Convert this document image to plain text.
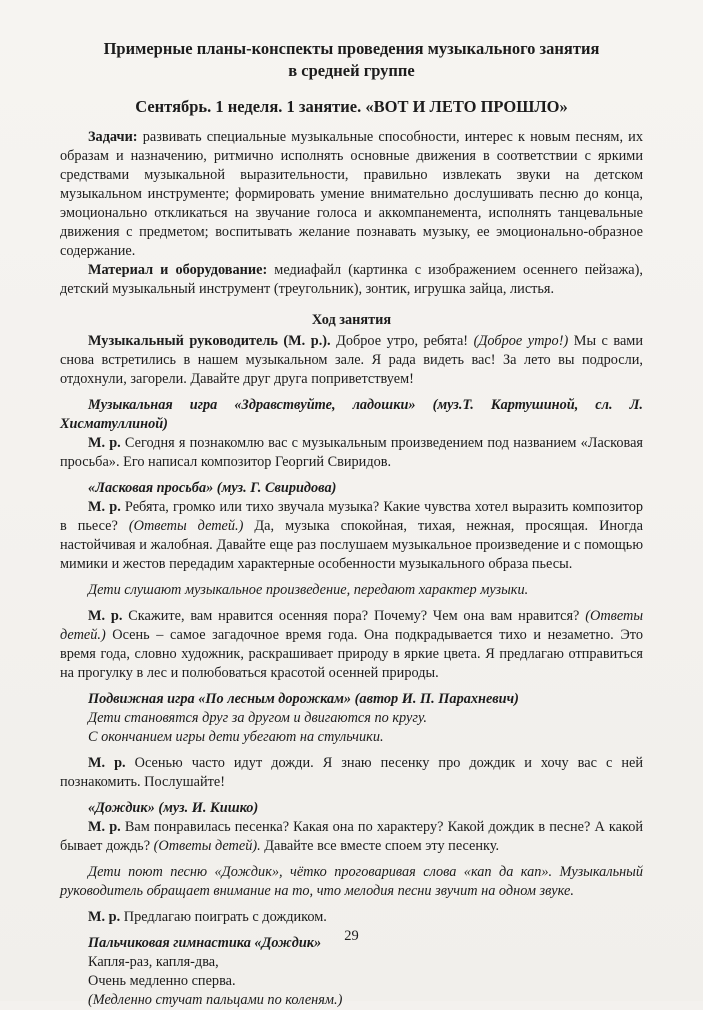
Примерные планы-конспекты проведения музыкального занятия
в средней группе
Сентябрь. 1 неделя. 1 занятие. «ВОТ И ЛЕТО ПРОШЛО»

Задачи: развивать специальные музыкальные способности, интерес к новым песням, их образам и назначению, ритмично исполнять основные движения в соответствии с яркими средствами музыкальной выразительности, правильно извлекать звуки на детском музыкальном инструменте; формировать умение внимательно дослушивать песню до конца, эмоционально откликаться на звучание голоса и аккомпанемента, исполнять танцевальные движения с предметом; воспитывать желание познавать музыку, ее эмоционально-образное содержание.

Материал и оборудование: медиафайл (картинка с изображением осеннего пейзажа), детский музыкальный инструмент (треугольник), зонтик, игрушка зайца, листья.

Ход занятия

Музыкальный руководитель (М. р.). Доброе утро, ребята! (Доброе утро!) Мы с вами снова встретились в нашем музыкальном зале. Я рада видеть вас! За лето вы подросли, отдохнули, загорели. Давайте друг друга поприветствуем!

Музыкальная игра «Здравствуйте, ладошки» (муз.Т. Картушиной, сл. Л. Хисматуллиной)

М. р. Сегодня я познакомлю вас с музыкальным произведением под названием «Ласковая просьба». Его написал композитор Георгий Свиридов.

«Ласковая просьба» (муз. Г. Свиридова)

М. р. Ребята, громко или тихо звучала музыка? Какие чувства хотел выразить композитор в пьесе? (Ответы детей.) Да, музыка спокойная, тихая, нежная, просящая. Иногда настойчивая и жалобная. Давайте еще раз послушаем музыкальное произведение и с помощью мимики и жестов передадим характерные особенности музыкального образа пьесы.

Дети слушают музыкальное произведение, передают характер музыки.

М. р. Скажите, вам нравится осенняя пора? Почему? Чем она вам нравится? (Ответы детей.) Осень – самое загадочное время года. Она подкрадывается тихо и незаметно. Это время года, словно художник, раскрашивает природу в яркие цвета. Я предлагаю отправиться на прогулку в лес и полюбоваться красотой осенней природы.

Подвижная игра «По лесным дорожкам» (автор И. П. Парахневич)

Дети становятся друг за другом и двигаются по кругу.

С окончанием игры дети убегают на стульчики.

М. р. Осенью часто идут дожди. Я знаю песенку про дождик и хочу вас с ней познакомить. Послушайте!

«Дождик» (муз. И. Кишко)

М. р. Вам понравилась песенка? Какая она по характеру? Какой дождик в песне? А какой бывает дождь? (Ответы детей). Давайте все вместе споем эту песенку.

Дети поют песню «Дождик», чётко проговаривая слова «кап да кап». Музыкальный руководитель обращает внимание на то, что мелодия песни звучит на одном звуке.

М. р. Предлагаю поиграть с дождиком.

Пальчиковая гимнастика «Дождик»

Капля-раз, капля-два,

Очень медленно сперва.

(Медленно стучат пальцами по коленям.)

29
